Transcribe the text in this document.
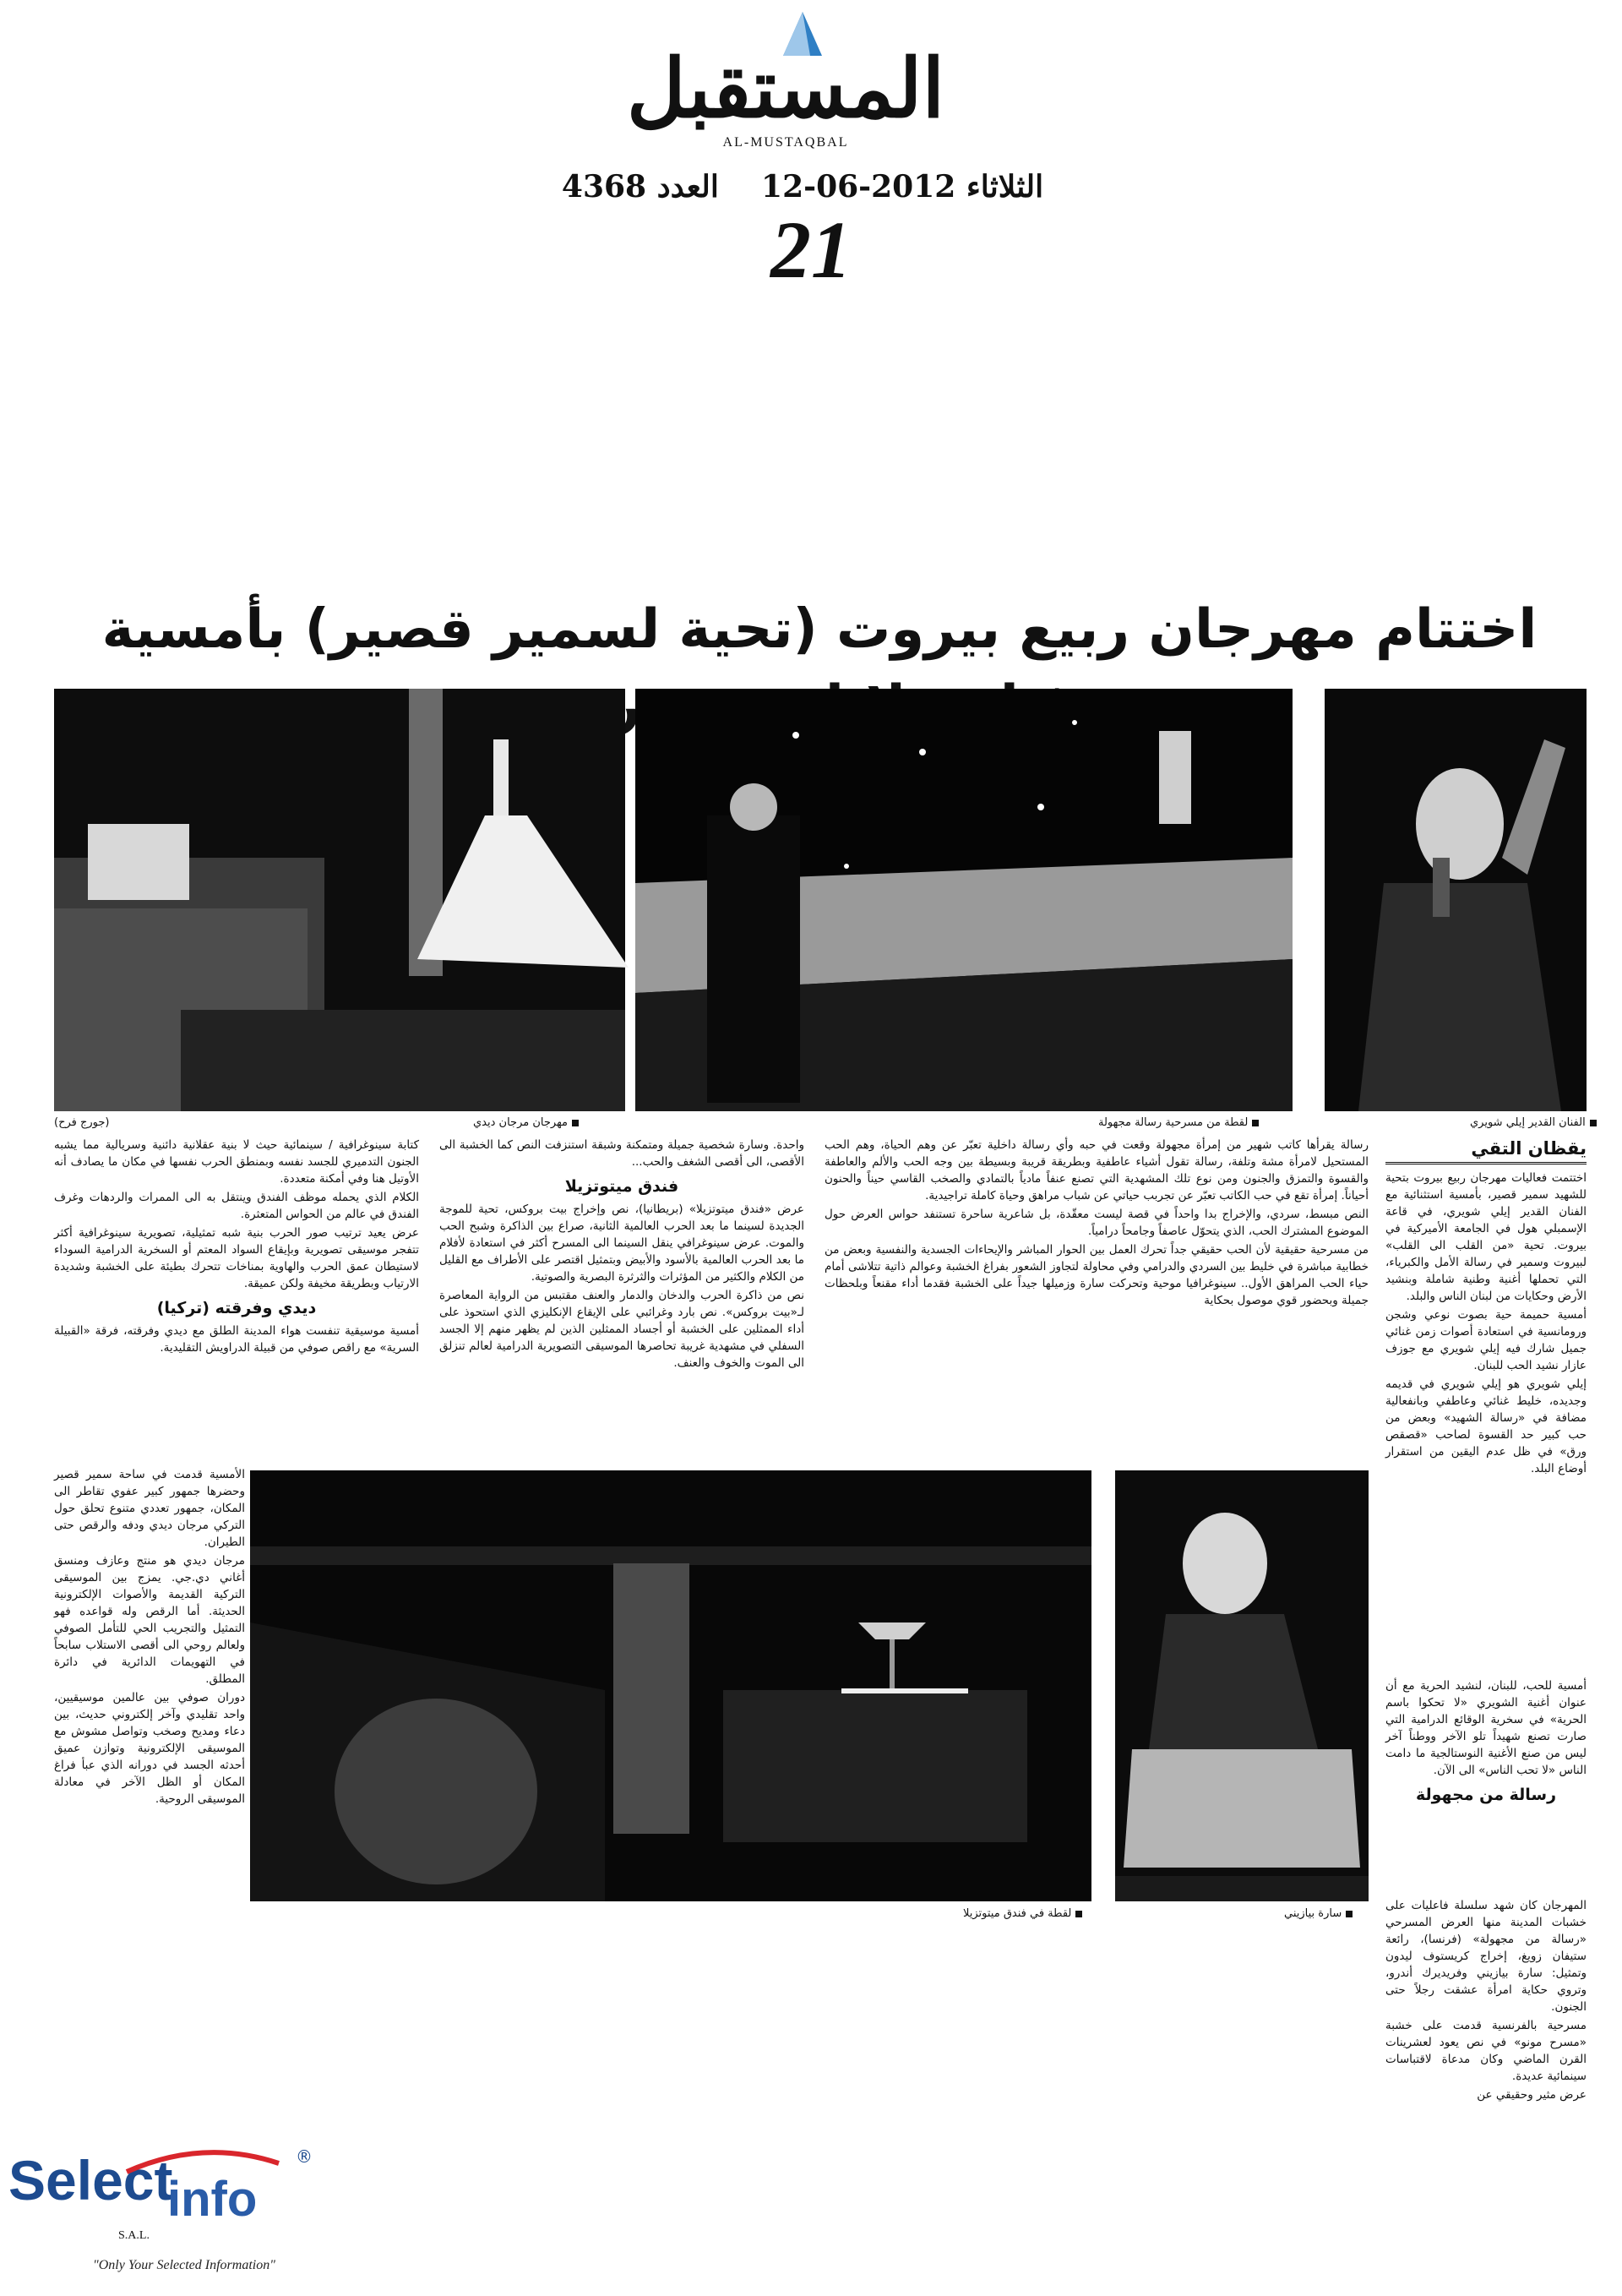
المستقبل
AL-MUSTAQBAL
الثلاثاء 12-06-2012    العدد 4368
21
اختتام مهرجان ربيع بيروت (تحية لسمير قصير) بأمسية
(جورج فرح)	مهرجان مرجان ديدي	لقطة من مسرحية رسالة مجهولة	الفنان القدير إيلي شويري
يقظان التقي

اختتمت فعاليات مهرجان ربيع بيروت بتحية للشهيد سمير قصير، بأمسية استثنائية مع الفنان القدير إيلي شويري، في قاعة الإسمبلي هول في الجامعة الأميركية في بيروت. تحية «من القلب الى القلب» لبيروت وسمير في رسالة الأمل والكبرياء، التي تحملها أغنية وطنية شاملة وبنشيد الأرض وحكايات من لبنان الناس والبلد.

أمسية حميمة حية بصوت نوعي وشجن ورومانسية في استعادة أصوات زمن غنائي جميل شارك فيه إيلي شويري مع جوزف عازار نشيد الحب للبنان.

إيلي شويري هو إيلي شويري في قديمه وجديده، خليط غنائي وعاطفي وبانفعالية مضافة في «رسالة الشهيد» وبعض من حب كبير حد القسوة لصاحب «قصقص ورق» في ظل عدم اليقين من استقرار أوضاع البلد.

أمسية للحب، للبنان، لنشيد الحرية مع أن عنوان أغنية الشويري «لا تحكوا باسم الحرية» في سخرية الوقائع الدرامية التي صارت تصنع شهيداً تلو الآخر ووطناً آخر ليس من صنع الأغنية النوستالجية ما دامت الناس «لا تحب الناس» الى الآن.

رسالة من مجهولة

المهرجان كان شهد سلسلة فاعليات على خشبات المدينة منها العرض المسرحي «رسالة من مجهولة» (فرنسا)، رائعة ستيفان زويغ، إخراج كريستوف ليدون وتمثيل: سارة بيازيني وفريديرك أندرو، وتروي حكاية امرأة عشقت رجلاً حتى الجنون.

مسرحية بالفرنسية قدمت على خشبة «مسرح مونو» في نص يعود لعشرينات القرن الماضي وكان مدعاة لاقتباسات سينمائية عديدة.

عرض مثير وحقيقي عن

رسالة يقرأها كاتب شهير من إمرأة مجهولة وقعت في حبه وأي رسالة داخلية تعبّر عن وهم الحياة، وهم الحب المستحيل لامرأة مشة وتلفة، رسالة تقول أشياء عاطفية وبطريقة قريبة وبسيطة بين وجه الحب والألم والعاطفة والقسوة والتمزق والجنون ومن نوع تلك المشهدية التي تصنع عنفاً مادياً بالتمادي والصخب القاسي حيناً والحنون أحياناً. إمرأة تقع في حب الكاتب تعبّر عن تجربب حياتي عن شباب مراهق وحياة كاملة تراجيدية.

النص مبسط، سردي، والإخراج بدا واحداً في قصة ليست معقّدة، بل شاعرية ساحرة تستنفد حواس العرض حول الموضوع المشترك الحب، الذي يتحوّل عاصفاً وجامحاً درامياً.

من مسرحية حقيقية لأن الحب حقيقي جداً تحرك العمل بين الحوار المباشر والإيحاءات الجسدية والنفسية وبعض من خطابية مباشرة في خليط بين السردي والدرامي وفي محاولة لتجاوز الشعور بفراغ الخشبة وعوالم ذاتية تتلاشى أمام حياء الحب المراهق الأول.. سينوغرافيا موحية وتحركت سارة وزميلها جيداً على الخشبة فقدما أداء مقنعاً وبلحظات جميلة وبحضور قوي موصول بحكاية

واحدة. وسارة شخصية جميلة ومتمكنة وشبقة استنزفت النص كما الخشبة الى الأقصى، الى أقصى الشغف والحب...

فندق ميتوتزيلا

عرض «فندق ميتوتزيلا» (بريطانيا)، نص وإخراج بيت بروكس، تحية للموجة الجديدة لسينما ما بعد الحرب العالمية الثانية، صراع بين الذاكرة وشبح الحب والموت. عرض سينوغرافي ينقل السينما الى المسرح أكثر في استعادة لأفلام ما بعد الحرب العالمية بالأسود والأبيض وبتمثيل اقتصر على الأطراف مع القليل من الكلام والكثير من المؤثرات والثرثرة البصرية والصوتية.

نص من ذاكرة الحرب والدخان والدمار والعنف مقتبس من الرواية المعاصرة لـ«بيت بروكس». نص بارد وغرائبي على الإيقاع الإنكليزي الذي استحوذ على أداء الممثلين على الخشبة أو أجساد الممثلين الذين لم يظهر منهم إلا الجسد السفلي في مشهدية غريبة تحاصرها الموسيقى التصويرية الدرامية لعالم تنزلق الى الموت والخوف والعنف.

كتابة سينوغرافية / سينمائية حيث لا بنية عقلانية دائنية وسريالية مما يشبه الجنون التدميري للجسد نفسه وبمنطق الحرب نفسها في مكان ما يصادف أنه الأوتيل هنا وفي أمكنة متعددة.

الكلام الذي يحمله موظف الفندق وينتقل به الى الممرات والردهات وغرف الفندق في عالم من الحواس المتعثرة.

عرض يعيد ترتيب صور الحرب بنية شبه تمثيلية، تصويرية سينوغرافية أكثر تتفجر موسيقى تصويرية وبإيقاع السواد المعتم أو السخرية الدرامية السوداء لاستيطان عمق الحرب والهاوية بمناخات تتحرك بطيئة على الخشبة وشديدة الارتياب وبطريقة مخيفة ولكن عميقة.

ديدي وفرقته (تركيا)

أمسية موسيقية تنفست هواء المدينة الطلق مع ديدي وفرقته، فرقة «القبيلة السرية» مع راقص صوفي من قبيلة الدراويش التقليدية.

الأمسية قدمت في ساحة سمير قصير وحضرها جمهور كبير عفوي تقاطر الى المكان، جمهور تعددي متنوع تحلق حول التركي مرجان ديدي ودفه والرقص حتى الطيران.

مرجان ديدي هو منتج وعازف ومنسق أغاني دي.جي. يمزج بين الموسيقى التركية القديمة والأصوات الإلكترونية الحديثة. أما الرقص وله قواعده فهو التمثيل والتجريب الحي للتأمل الصوفي ولعالم روحي الى أقصى الاستلاب سابحاً في التهويمات الدائرية في دائرة المطلق.

دوران صوفي بين عالمين موسيقيين، واحد تقليدي وآخر إلكتروني حديث، بين دعاء ومديح وصخب وتواصل مشوش مع الموسيقى الإلكترونية وتوازن عميق أحدثه الجسد في دورانه الذي عبأ فراغ المكان أو الظل الآخر في معادلة الموسيقى الروحية.

لقطة في فندق ميتوتزيلا	سارة بيازيني
Select
info
®
S.A.L.
"Only Your Selected Information"
